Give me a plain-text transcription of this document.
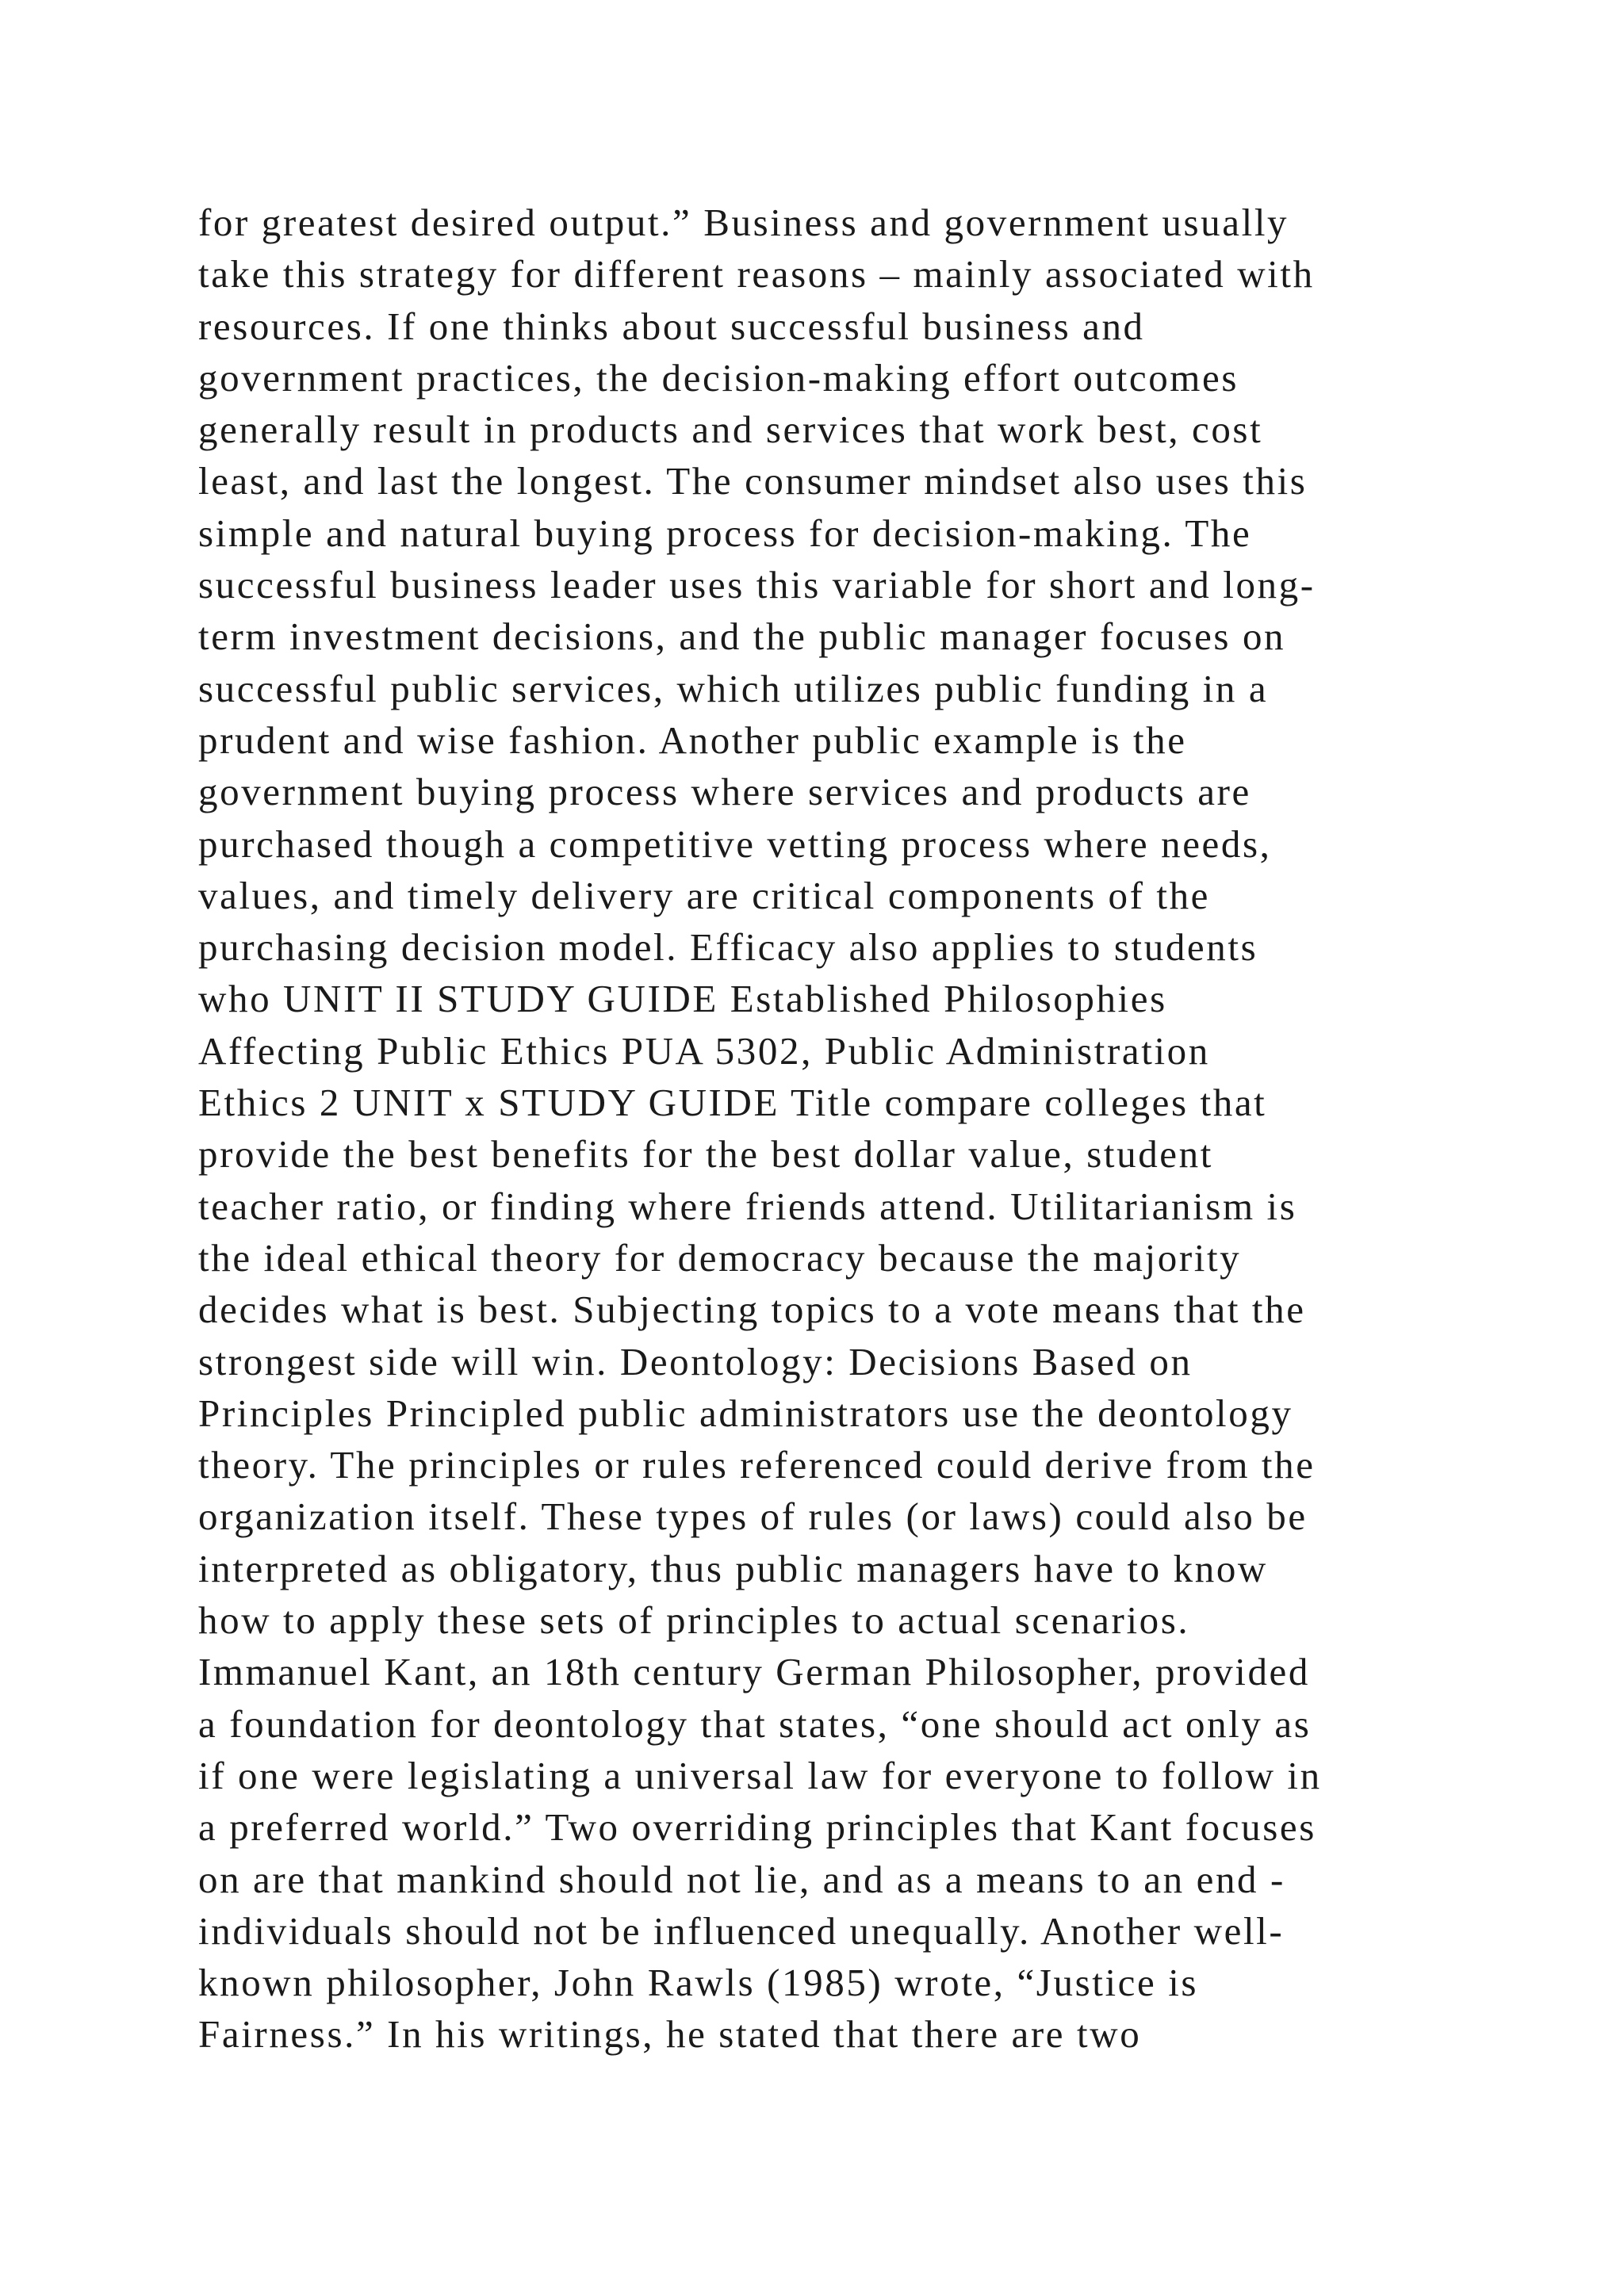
for greatest desired output.” Business and government usually
take this strategy for different reasons – mainly associated with
resources. If one thinks about successful business and
government practices, the decision-making effort outcomes
generally result in products and services that work best, cost
least, and last the longest. The consumer mindset also uses this
simple and natural buying process for decision-making. The
successful business leader uses this variable for short and long-
term investment decisions, and the public manager focuses on
successful public services, which utilizes public funding in a
prudent and wise fashion. Another public example is the
government buying process where services and products are
purchased though a competitive vetting process where needs,
values, and timely delivery are critical components of the
purchasing decision model. Efficacy also applies to students
who UNIT II STUDY GUIDE Established Philosophies
Affecting Public Ethics PUA 5302, Public Administration
Ethics 2 UNIT x STUDY GUIDE Title compare colleges that
provide the best benefits for the best dollar value, student
teacher ratio, or finding where friends attend. Utilitarianism is
the ideal ethical theory for democracy because the majority
decides what is best. Subjecting topics to a vote means that the
strongest side will win. Deontology: Decisions Based on
Principles Principled public administrators use the deontology
theory. The principles or rules referenced could derive from the
organization itself. These types of rules (or laws) could also be
interpreted as obligatory, thus public managers have to know
how to apply these sets of principles to actual scenarios.
Immanuel Kant, an 18th century German Philosopher, provided
a foundation for deontology that states, “one should act only as
if one were legislating a universal law for everyone to follow in
a preferred world.” Two overriding principles that Kant focuses
on are that mankind should not lie, and as a means to an end -
individuals should not be influenced unequally. Another well-
known philosopher, John Rawls (1985) wrote, “Justice is
Fairness.” In his writings, he stated that there are two
